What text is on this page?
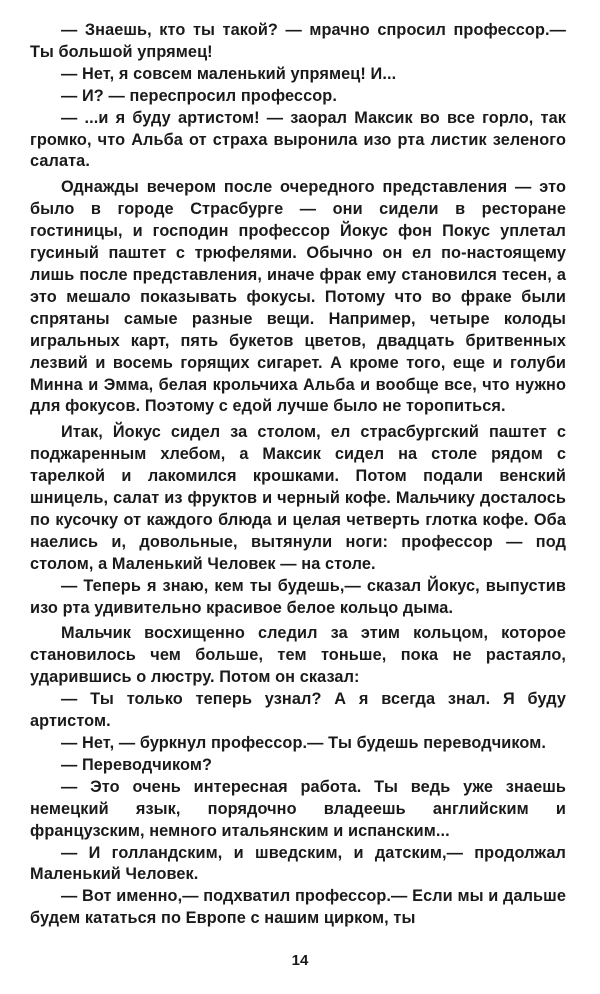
— Знаешь, кто ты такой? — мрачно спросил профессор.— Ты большой упрямец!

— Нет, я совсем маленький упрямец! И...

— И? — переспросил профессор.

— ...и я буду артистом! — заорал Максик во все горло, так громко, что Альба от страха выронила изо рта листик зеленого салата.

Однажды вечером после очередного представления — это было в городе Страсбурге — они сидели в ресторане гостиницы, и господин профессор Йокус фон Покус уплетал гусиный паштет с трюфелями. Обычно он ел по-настоящему лишь после представления, иначе фрак ему становился тесен, а это мешало показывать фокусы. Потому что во фраке были спрятаны самые разные вещи. Например, четыре колоды игральных карт, пять букетов цветов, двадцать бритвенных лезвий и восемь горящих сигарет. А кроме того, еще и голуби Минна и Эмма, белая крольчиха Альба и вообще все, что нужно для фокусов. Поэтому с едой лучше было не торопиться.

Итак, Йокус сидел за столом, ел страсбургский паштет с поджаренным хлебом, а Максик сидел на столе рядом с тарелкой и лакомился крошками. Потом подали венский шницель, салат из фруктов и черный кофе. Мальчику досталось по кусочку от каждого блюда и целая четверть глотка кофе. Оба наелись и, довольные, вытянули ноги: профессор — под столом, а Маленький Человек — на столе.

— Теперь я знаю, кем ты будешь,— сказал Йокус, выпустив изо рта удивительно красивое белое кольцо дыма.

Мальчик восхищенно следил за этим кольцом, которое становилось чем больше, тем тоньше, пока не растаяло, ударившись о люстру. Потом он сказал:

— Ты только теперь узнал? А я всегда знал. Я буду артистом.

— Нет, — буркнул профессор.— Ты будешь переводчиком.

— Переводчиком?

— Это очень интересная работа. Ты ведь уже знаешь немецкий язык, порядочно владеешь английским и французским, немного итальянским и испанским...

— И голландским, и шведским, и датским,— продолжал Маленький Человек.

— Вот именно,— подхватил профессор.— Если мы и дальше будем кататься по Европе с нашим цирком, ты

14
